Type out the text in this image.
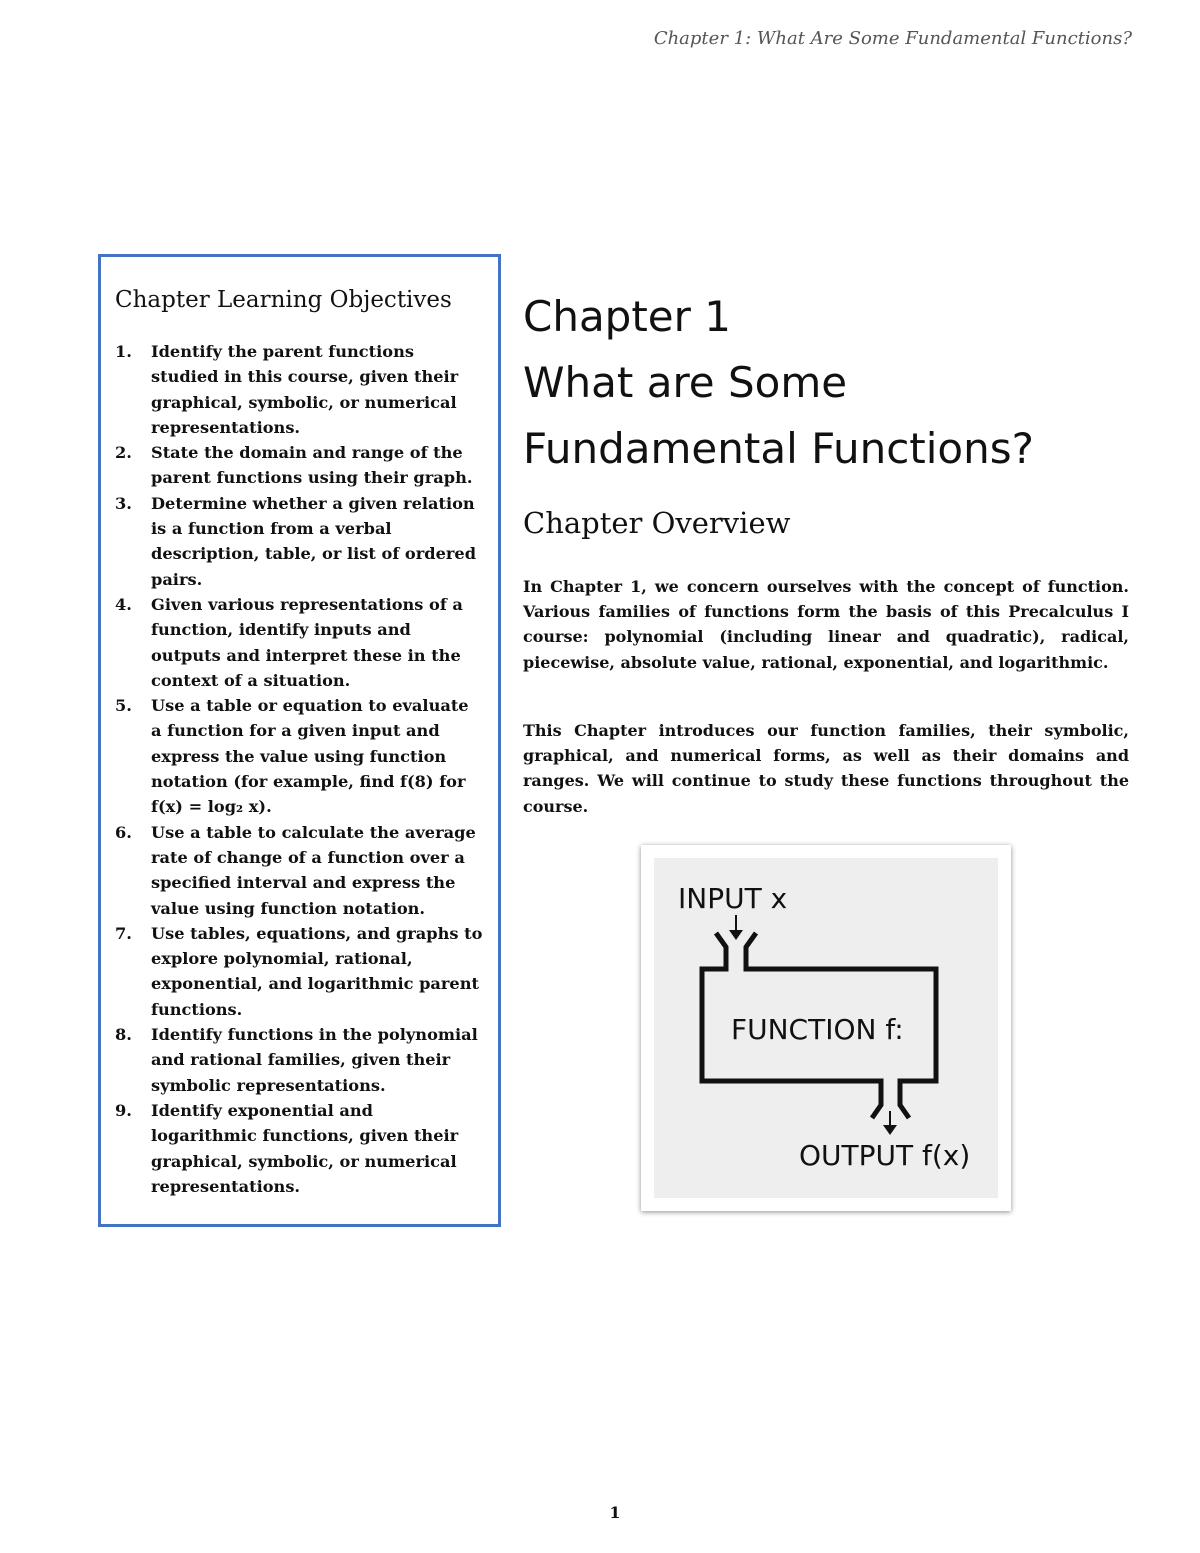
Chapter 1: What Are Some Fundamental Functions?
Chapter Learning Objectives
1.	Identify the parent functions studied in this course, given their graphical, symbolic, or numerical representations.
2.	State the domain and range of the parent functions using their graph.
3.	Determine whether a given relation is a function from a verbal description, table, or list of ordered pairs.
4.	Given various representations of a function, identify inputs and outputs and interpret these in the context of a situation.
5.	Use a table or equation to evaluate a function for a given input and express the value using function notation (for example, find f(8) for f(x) = log₂ x).
6.	Use a table to calculate the average rate of change of a function over a specified interval and express the value using function notation.
7.	Use tables, equations, and graphs to explore polynomial, rational, exponential, and logarithmic parent functions.
8.	Identify functions in the polynomial and rational families, given their symbolic representations.
9.	Identify exponential and logarithmic functions, given their graphical, symbolic, or numerical representations.
Chapter 1
What are Some
Fundamental Functions?
Chapter Overview

In Chapter 1, we concern ourselves with the concept of function. Various families of functions form the basis of this Precalculus I course: polynomial (including linear and quadratic), radical, piecewise, absolute value, rational, exponential, and logarithmic.

This Chapter introduces our function families, their symbolic, graphical, and numerical forms, as well as their domains and ranges. We will continue to study these functions throughout the course.

INPUT x
FUNCTION f:
OUTPUT f(x)
1
